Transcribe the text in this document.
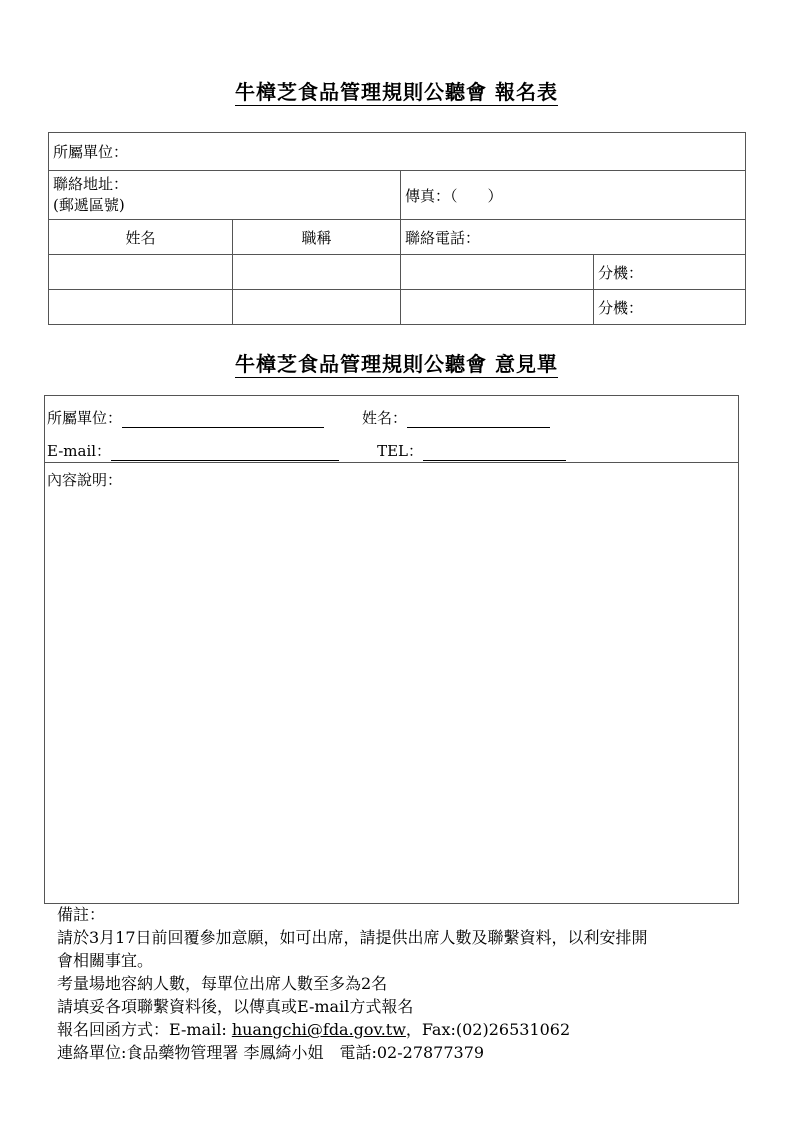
牛樟芝食品管理規則公聽會 報名表
所屬單位：			

聯絡地址：
(郵遞區號)		傳真：（　　）	
姓名	職稱	聯絡電話：	
			分機：
			分機：
牛樟芝食品管理規則公聽會 意見單
所屬單位：	姓名：
E-mail：	TEL：
內容說明：
備註：
請於3月17日前回覆參加意願，如可出席，請提供出席人數及聯繫資料，以利安排開
會相關事宜。
考量場地容納人數，每單位出席人數至多為2名
請填妥各項聯繫資料後，以傳真或E-mail方式報名
報名回函方式：E-mail: huangchi@fda.gov.tw，Fax:(02)26531062
連絡單位:食品藥物管理署 李鳳綺小姐　電話:02-27877379
